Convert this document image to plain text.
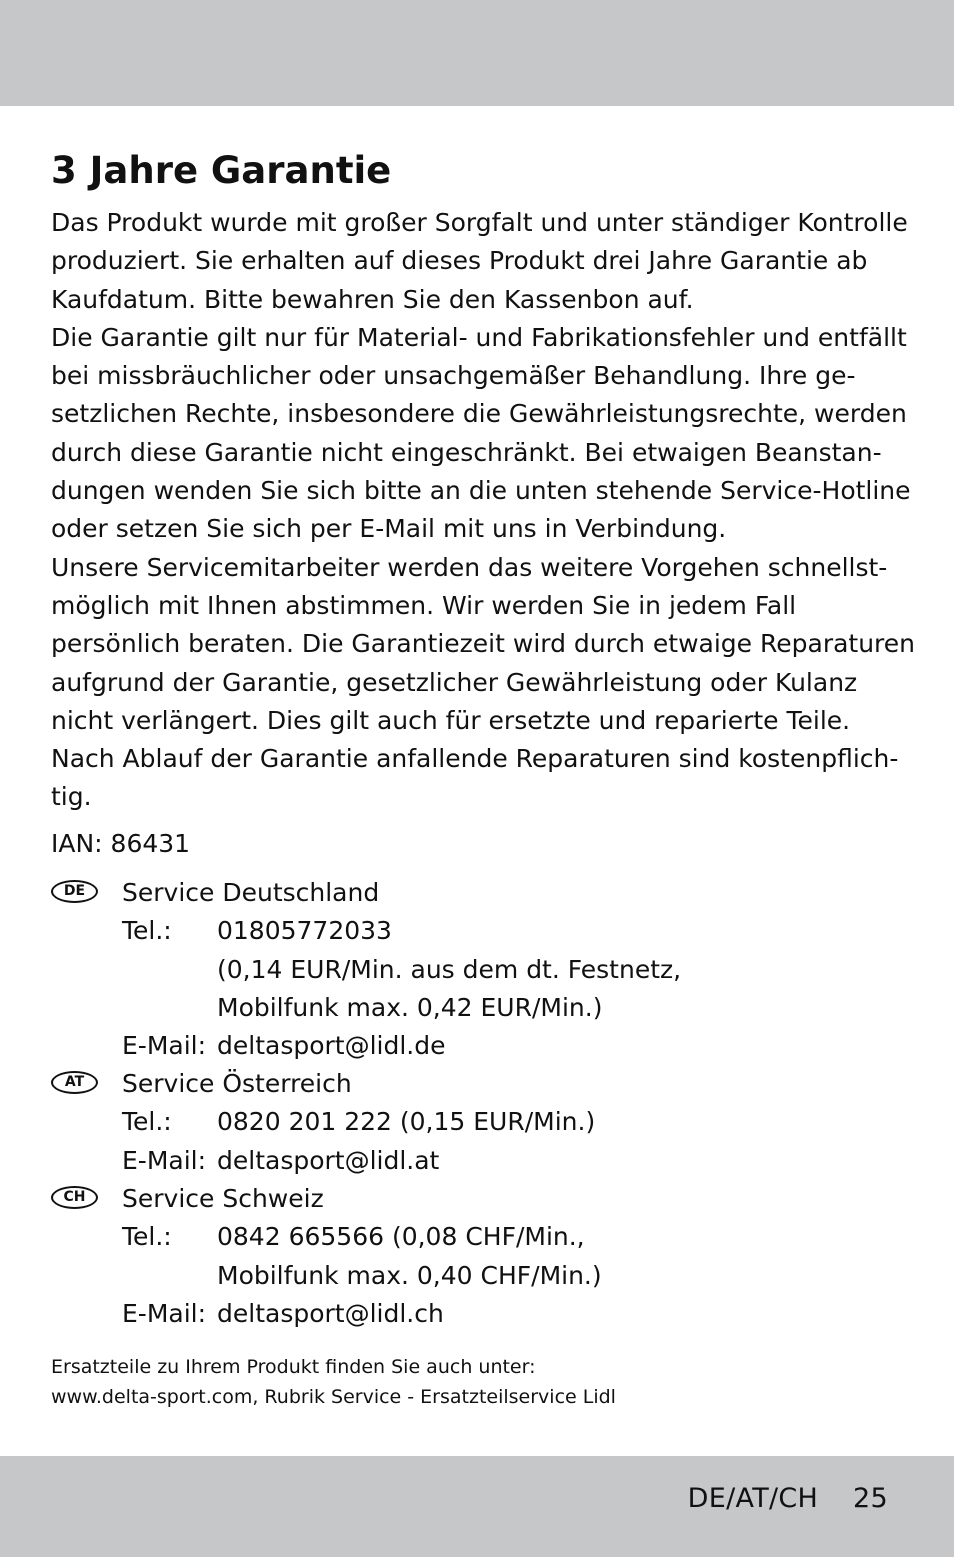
3 Jahre Garantie

Das Produkt wurde mit großer Sorgfalt und unter ständiger Kontrolle

produziert. Sie erhalten auf dieses Produkt drei Jahre Garantie ab

Kaufdatum. Bitte bewahren Sie den Kassenbon auf.

Die Garantie gilt nur für Material- und Fabrikationsfehler und entfällt

bei missbräuchlicher oder unsachgemäßer Behandlung. Ihre ge-

setzlichen Rechte, insbesondere die Gewährleistungsrechte, werden

durch diese Garantie nicht eingeschränkt. Bei etwaigen Beanstan-

dungen wenden Sie sich bitte an die unten stehende Service-Hotline

oder setzen Sie sich per E-Mail mit uns in Verbindung.

Unsere Servicemitarbeiter werden das weitere Vorgehen schnellst-

möglich mit Ihnen abstimmen. Wir werden Sie in jedem Fall

persönlich beraten. Die Garantiezeit wird durch etwaige Reparaturen

aufgrund der Garantie, gesetzlicher Gewährleistung oder Kulanz

nicht verlängert. Dies gilt auch für ersetzte und reparierte Teile.

Nach Ablauf der Garantie anfallende Reparaturen sind kostenpflich-

tig.

IAN: 86431
DE	Service Deutschland
Tel.: 01805772033
(0,14 EUR/Min. aus dem dt. Festnetz,
Mobilfunk max. 0,42 EUR/Min.)
E-Mail: deltasport@lidl.de
AT	Service Österreich
Tel.: 0820 201 222 (0,15 EUR/Min.)
E-Mail: deltasport@lidl.at
CH	Service Schweiz
Tel.: 0842 665566 (0,08 CHF/Min.,
Mobilfunk max. 0,40 CHF/Min.)
E-Mail: deltasport@lidl.ch
Ersatzteile zu Ihrem Produkt finden Sie auch unter:
www.delta-sport.com, Rubrik Service - Ersatzteilservice Lidl
DE/AT/CH 25
